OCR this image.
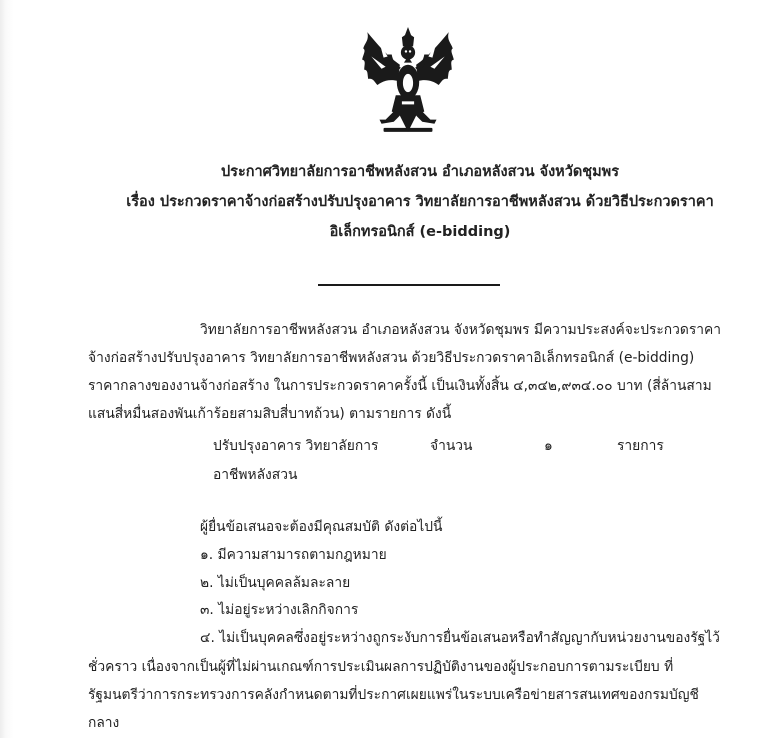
ประกาศวิทยาลัยการอาชีพหลังสวน อำเภอหลังสวน จังหวัดชุมพร
เรื่อง ประกวดราคาจ้างก่อสร้างปรับปรุงอาคาร วิทยาลัยการอาชีพหลังสวน ด้วยวิธีประกวดราคา
อิเล็กทรอนิกส์ (e-bidding)
วิทยาลัยการอาชีพหลังสวน อำเภอหลังสวน จังหวัดชุมพร มีความประสงค์จะประกวดราคา
จ้างก่อสร้างปรับปรุงอาคาร วิทยาลัยการอาชีพหลังสวน ด้วยวิธีประกวดราคาอิเล็กทรอนิกส์ (e-bidding)
ราคากลางของงานจ้างก่อสร้าง ในการประกวดราคาครั้งนี้ เป็นเงินทั้งสิ้น ๔,๓๔๒,๙๓๔.๐๐ บาท (สี่ล้านสาม
แสนสี่หมื่นสองพันเก้าร้อยสามสิบสี่บาทถ้วน) ตามรายการ ดังนี้
ปรับปรุงอาคาร วิทยาลัยการ	จำนวน	๑	รายการ
อาชีพหลังสวน
ผู้ยื่นข้อเสนอจะต้องมีคุณสมบัติ ดังต่อไปนี้
๑. มีความสามารถตามกฎหมาย
๒. ไม่เป็นบุคคลล้มละลาย
๓. ไม่อยู่ระหว่างเลิกกิจการ
๔. ไม่เป็นบุคคลซึ่งอยู่ระหว่างถูกระงับการยื่นข้อเสนอหรือทำสัญญากับหน่วยงานของรัฐไว้
ชั่วคราว เนื่องจากเป็นผู้ที่ไม่ผ่านเกณฑ์การประเมินผลการปฏิบัติงานของผู้ประกอบการตามระเบียบ ที่
รัฐมนตรีว่าการกระทรวงการคลังกำหนดตามที่ประกาศเผยแพร่ในระบบเครือข่ายสารสนเทศของกรมบัญชี
กลาง
